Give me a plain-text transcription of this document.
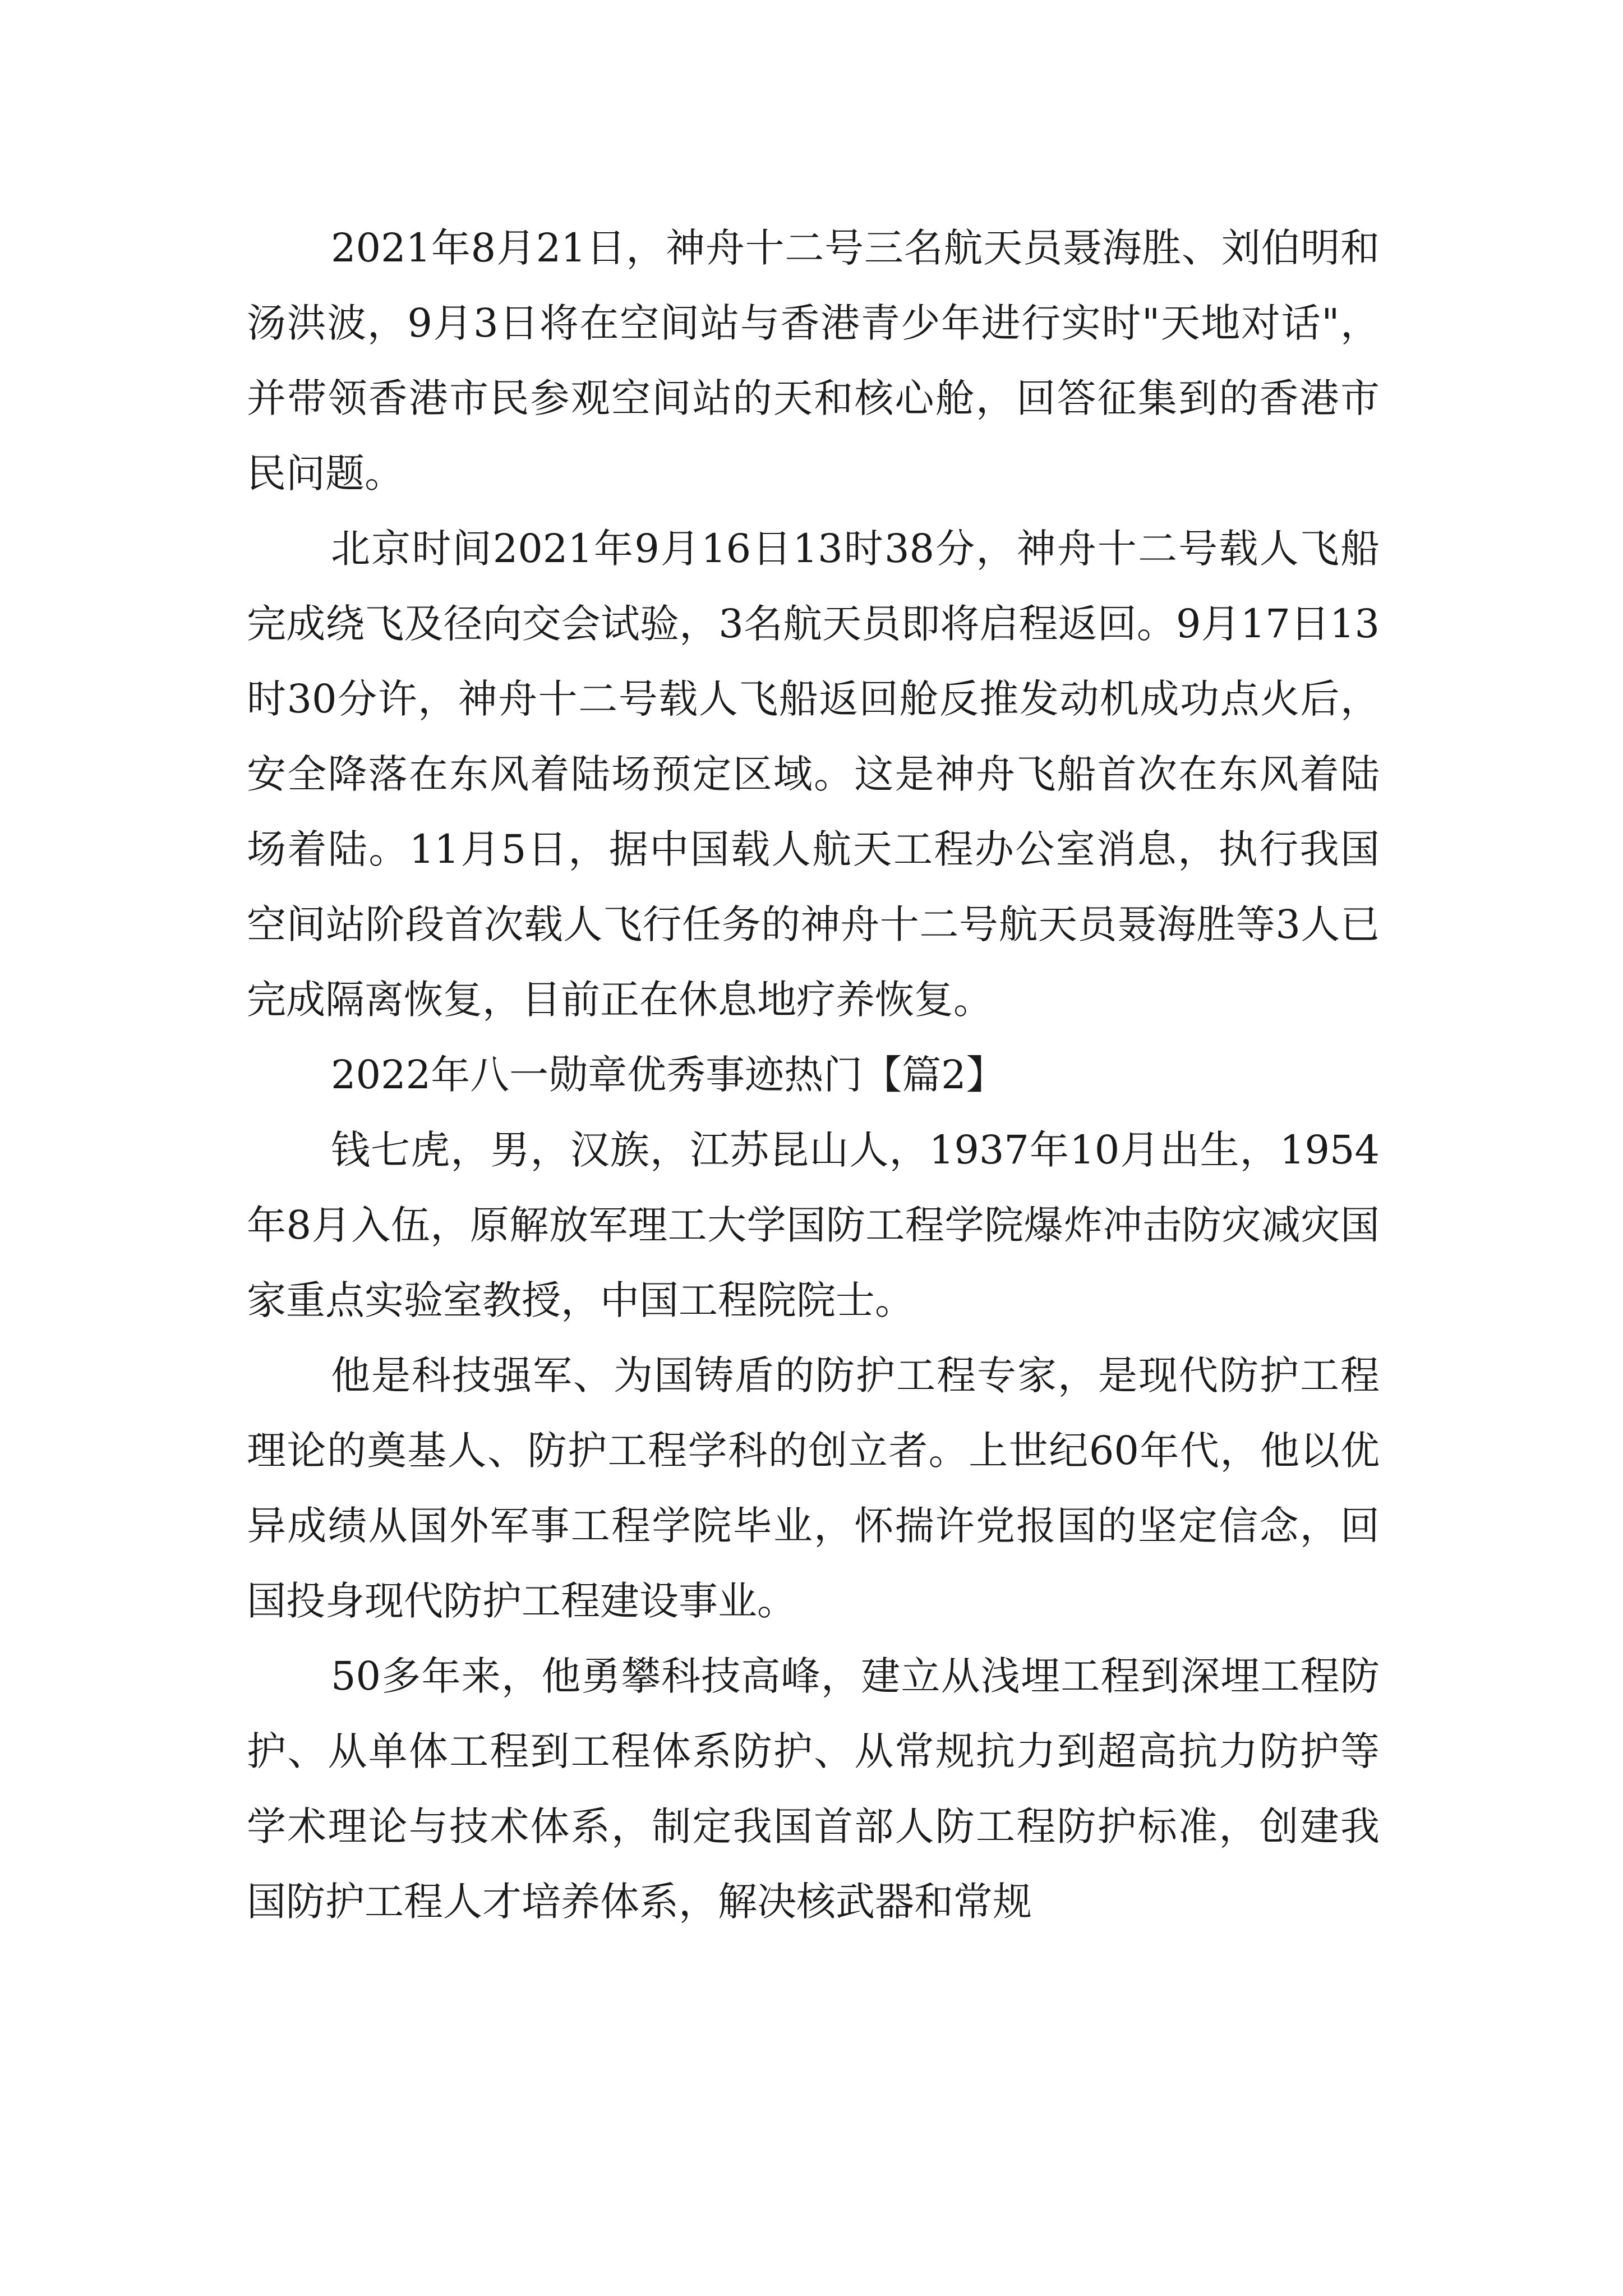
2021年8月21日，神舟十二号三名航天员聂海胜、刘伯明和汤洪波，9月3日将在空间站与香港青少年进行实时"天地对话"，并带领香港市民参观空间站的天和核心舱，回答征集到的香港市民问题。

北京时间2021年9月16日13时38分，神舟十二号载人飞船完成绕飞及径向交会试验，3名航天员即将启程返回。9月17日13时30分许，神舟十二号载人飞船返回舱反推发动机成功点火后，安全降落在东风着陆场预定区域。这是神舟飞船首次在东风着陆场着陆。11月5日，据中国载人航天工程办公室消息，执行我国空间站阶段首次载人飞行任务的神舟十二号航天员聂海胜等3人已完成隔离恢复，目前正在休息地疗养恢复。

2022年八一勋章优秀事迹热门【篇2】

钱七虎，男，汉族，江苏昆山人，1937年10月出生，1954年8月入伍，原解放军理工大学国防工程学院爆炸冲击防灾减灾国家重点实验室教授，中国工程院院士。

他是科技强军、为国铸盾的防护工程专家，是现代防护工程理论的奠基人、防护工程学科的创立者。上世纪60年代，他以优异成绩从国外军事工程学院毕业，怀揣许党报国的坚定信念，回国投身现代防护工程建设事业。

50多年来，他勇攀科技高峰，建立从浅埋工程到深埋工程防护、从单体工程到工程体系防护、从常规抗力到超高抗力防护等学术理论与技术体系，制定我国首部人防工程防护标准，创建我国防护工程人才培养体系，解决核武器和常规
